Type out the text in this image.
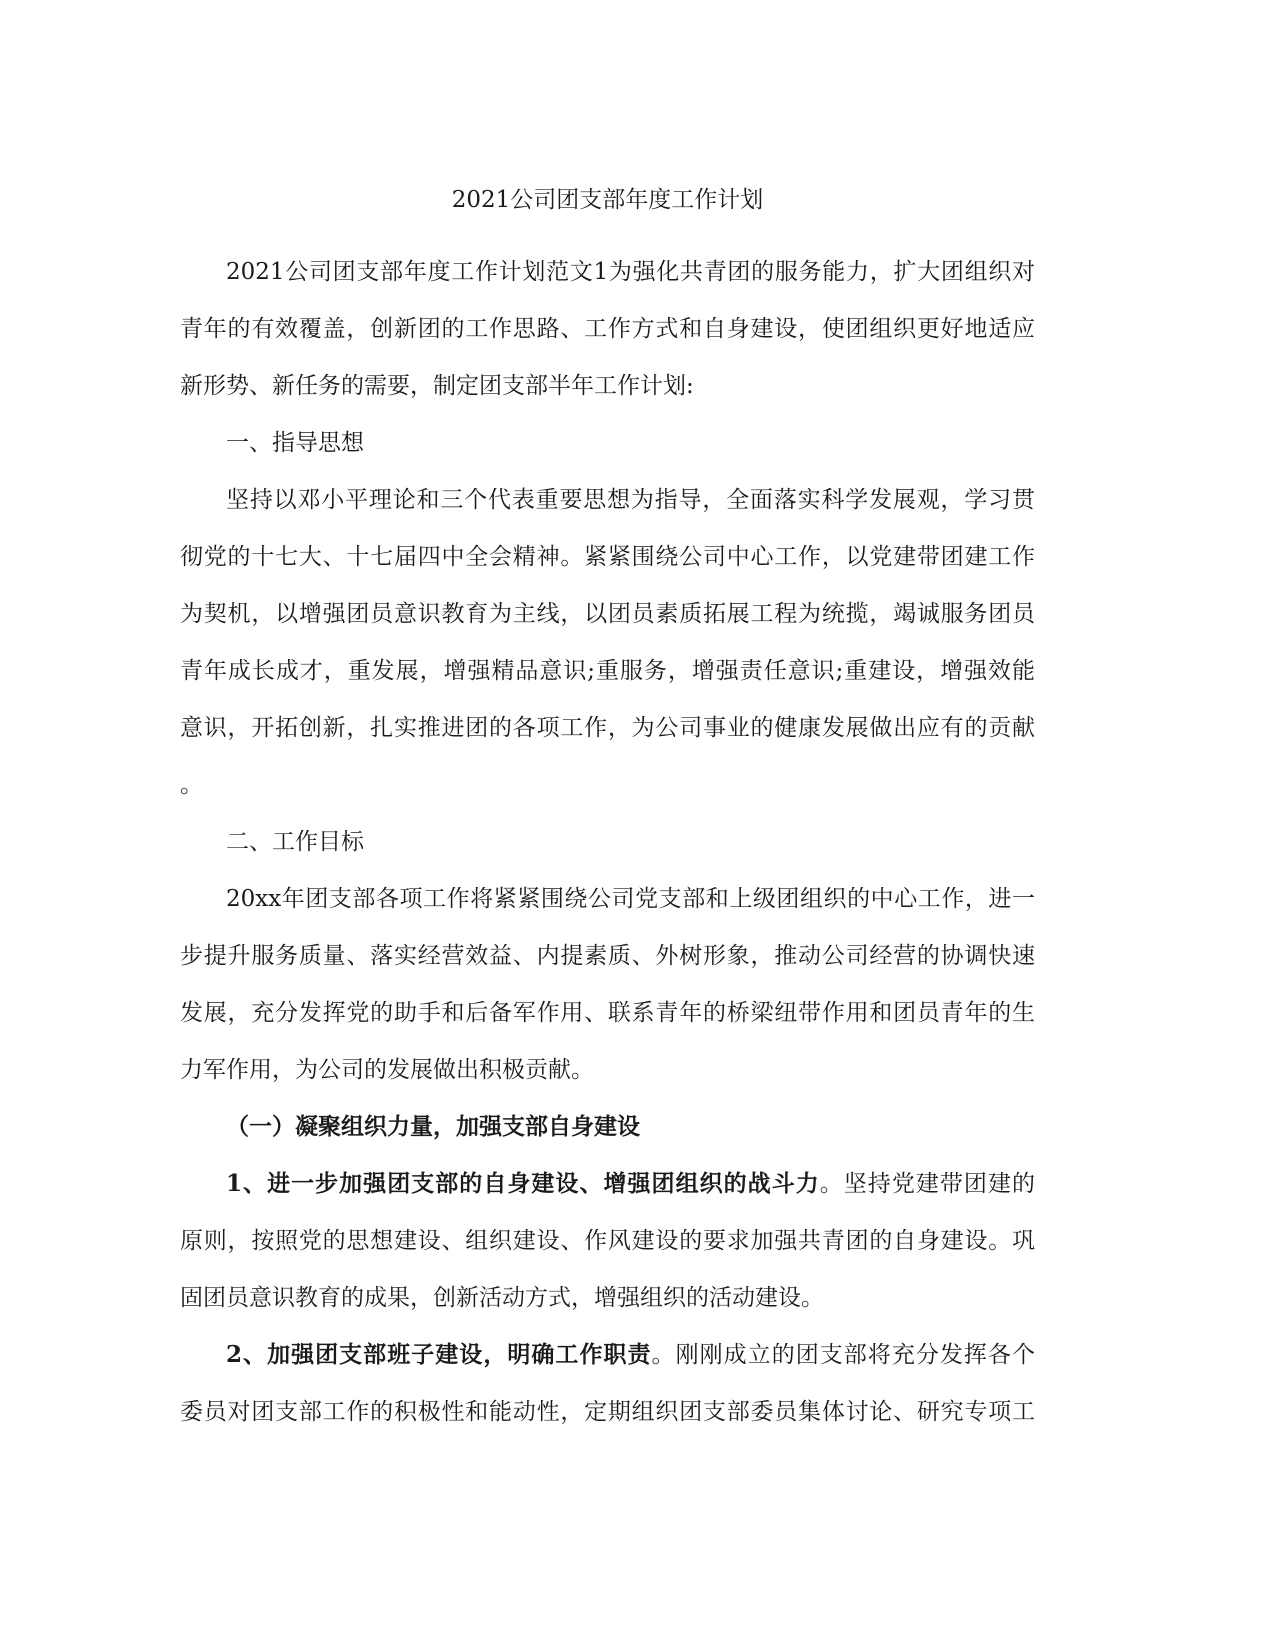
2021公司团支部年度工作计划
2021公司团支部年度工作计划范文1为强化共青团的服务能力，扩大团组织对
青年的有效覆盖，创新团的工作思路、工作方式和自身建设，使团组织更好地适应
新形势、新任务的需要，制定团支部半年工作计划:
一、指导思想
坚持以邓小平理论和三个代表重要思想为指导，全面落实科学发展观，学习贯
彻党的十七大、十七届四中全会精神。紧紧围绕公司中心工作，以党建带团建工作
为契机，以增强团员意识教育为主线，以团员素质拓展工程为统揽，竭诚服务团员
青年成长成才，重发展，增强精品意识;重服务，增强责任意识;重建设，增强效能
意识，开拓创新，扎实推进团的各项工作，为公司事业的健康发展做出应有的贡献
。
二、工作目标
20xx年团支部各项工作将紧紧围绕公司党支部和上级团组织的中心工作，进一
步提升服务质量、落实经营效益、内提素质、外树形象，推动公司经营的协调快速
发展，充分发挥党的助手和后备军作用、联系青年的桥梁纽带作用和团员青年的生
力军作用，为公司的发展做出积极贡献。
（一）凝聚组织力量，加强支部自身建设
1、进一步加强团支部的自身建设、增强团组织的战斗力。坚持党建带团建的
原则，按照党的思想建设、组织建设、作风建设的要求加强共青团的自身建设。巩
固团员意识教育的成果，创新活动方式，增强组织的活动建设。
2、加强团支部班子建设，明确工作职责。刚刚成立的团支部将充分发挥各个
委员对团支部工作的积极性和能动性，定期组织团支部委员集体讨论、研究专项工
